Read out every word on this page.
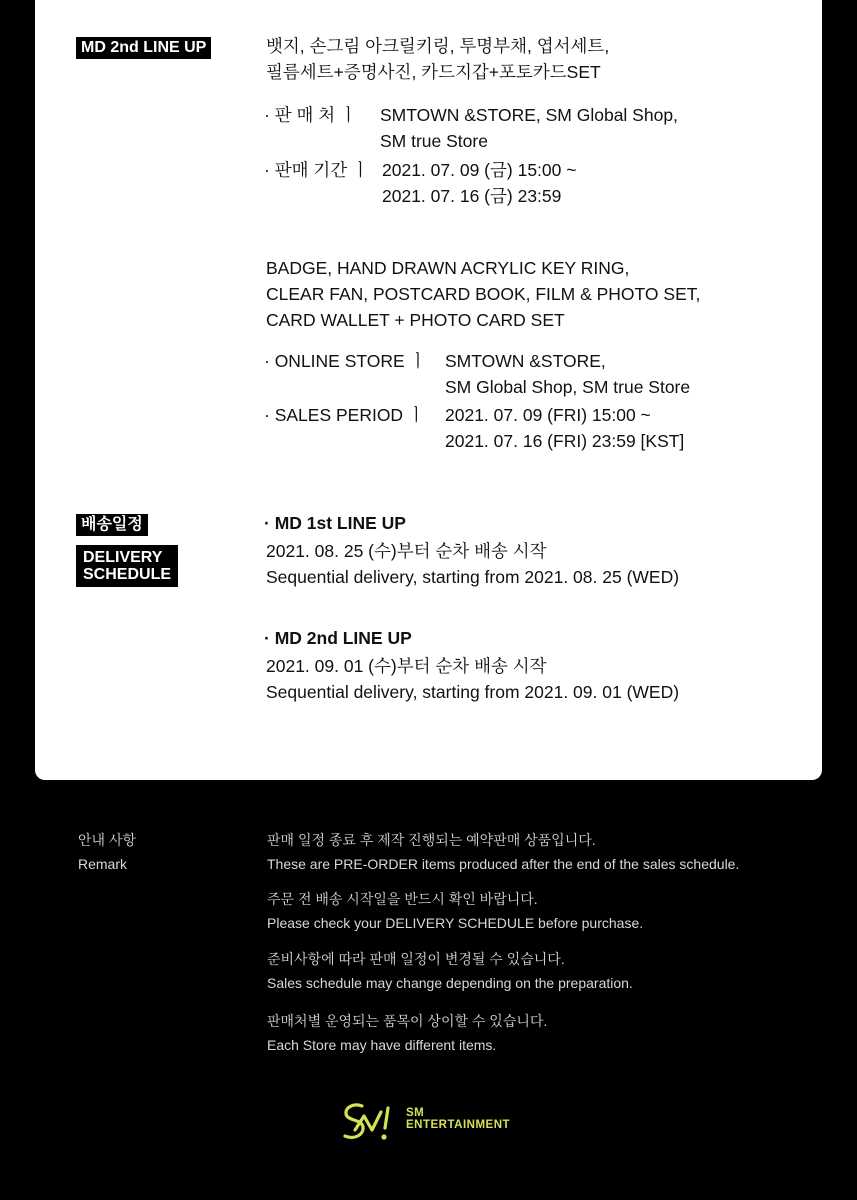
MD 2nd LINE UP	뱃지, 손그림 아크릴키링, 투명부채, 엽서세트,
필름세트+증명사진, 카드지갑+포토카드SET
· 판 매 처 ㅣ	SMTOWN &STORE, SM Global Shop,
SM true Store
· 판매 기간 ㅣ 2021. 07. 09 (금) 15:00 ~
2021. 07. 16 (금) 23:59
BADGE, HAND DRAWN ACRYLIC KEY RING,
CLEAR FAN, POSTCARD BOOK, FILM & PHOTO SET,
CARD WALLET + PHOTO CARD SET
· ONLINE STORE ㅣ	SMTOWN &STORE,
SM Global Shop, SM true Store
· SALES PERIOD ㅣ	2021. 07. 09 (FRI) 15:00 ~
2021. 07. 16 (FRI) 23:59 [KST]
배송일정
DELIVERY
SCHEDULE
· MD 1st LINE UP
2021. 08. 25 (수)부터 순차 배송 시작
Sequential delivery, starting from 2021. 08. 25 (WED)
· MD 2nd LINE UP
2021. 09. 01 (수)부터 순차 배송 시작
Sequential delivery, starting from 2021. 09. 01 (WED)
안내 사항
Remark
판매 일정 종료 후 제작 진행되는 예약판매 상품입니다.
These are PRE-ORDER items produced after the end of the sales schedule.
주문 전 배송 시작일을 반드시 확인 바랍니다.
Please check your DELIVERY SCHEDULE before purchase.
준비사항에 따라 판매 일정이 변경될 수 있습니다.
Sales schedule may change depending on the preparation.
판매처별 운영되는 품목이 상이할 수 있습니다.
Each Store may have different items.
SM
ENTERTAINMENT
